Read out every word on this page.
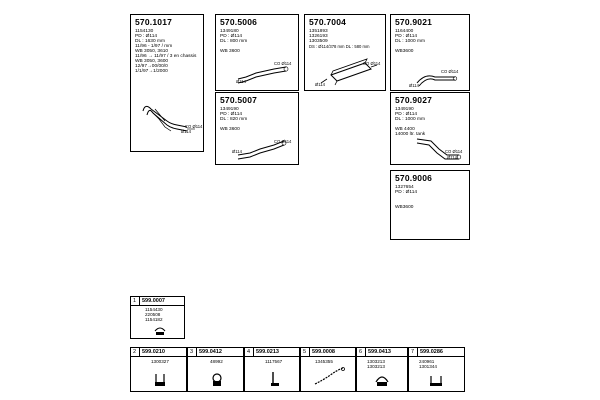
570.1017
1154130
PD : Ø114
DL : 1630 mm
11/96 - 1/97 / mm
WB 3050, 3610
11/96 → 11/97 / 3 en chassis
WB 3050, 3600
12/97→00/00/0
1/1/97→1/2000
CO Ø114
Ø114
570.5006
1349180
PD : Ø114
DL : 800 mm
WB 3600
CO Ø114
Ø114
570.7004
1351893
1326193
1303509
DS : Ø114/378 mm DL : 580 mm
CO Ø114
Ø114
570.9021
1164400
PD : Ø114
DL : 1000 mm
WB3600
CO Ø114
Ø114
570.5007
1349190
PD : Ø114
DL : 820 mm
WB 3600
CO Ø114
Ø114
570.9027
1349190
PD : Ø114
DL : 1000 mm
WB 4400
14000 ltr. tank
CO Ø114
Ø114
570.9006
1327654
PD : Ø114
WB3600
1 599.0007
1154430
220508
1154182
2 599.0210
1300327
3 599.0412
48992
4 599.0213
1117567
5 599.0008
1345355
6 599.0413
1303213
1303213
7 599.0286
240961
1301344
